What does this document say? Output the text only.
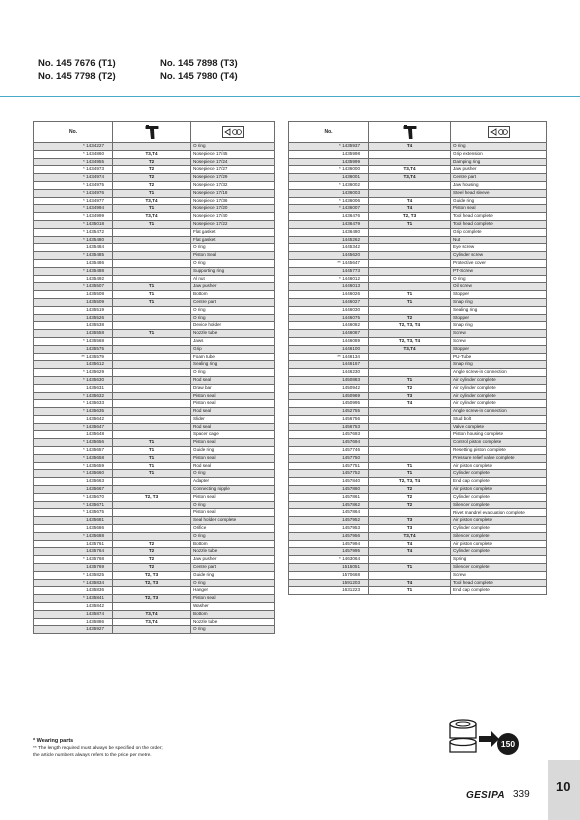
No. 145 7676 (T1)
No. 145 7798 (T2)
No. 145 7898 (T3)
No. 145 7980 (T4)
No.	

* 1434227		O ring
* 1434860	T3,T4	Nosepiece 17/45
* 1434955	T2	Nosepiece 17/24
* 1434973	T2	Nosepiece 17/27
* 1434974	T2	Nosepiece 17/29
* 1434975	T2	Nosepiece 17/32
* 1434976	T1	Nosepiece 17/18
* 1434977	T3,T4	Nosepiece 17/36
* 1434994	T1	Nosepiece 17/20
* 1434999	T3,T4	Nosepiece 17/40
* 1435018	T1	Nosepiece 17/22
* 1435472		Flat gasket
* 1435480		Flat gasket
1435484		O ring
* 1435485		Piston Seal
1435486		O ring
* 1435488		Supporting ring
1435492		Al nut
* 1435507	T1	Jaw pusher
1435508	T1	Bottom
1435509	T1	Centre part
1435519		O ring
1435526		O ring
1435538		Device holder
1435558	T1	Nozzle tube
* 1435568		Jaws
1435575		Grip
** 1435579		Foam tube
1435612		Sealing ring
* 1435629		O ring
* 1435630		Rod seal
1435631		Draw bar
* 1435632		Piston seal
* 1435633		Piston seal
* 1435635		Rod seal
1435642		Slider
* 1435647		Rod seal
1435648		Spacer cage
* 1435656	T1	Piston seal
* 1435657	T1	Guide ring
* 1435658	T1	Piston seal
* 1435659	T1	Rod seal
* 1435660	T1	O ring
1435663		Adapter
1435667		Connecting nipple
* 1435670	T2, T3	Piston seal
* 1435671		O ring
* 1435675		Piston seal
1435681		Seal holder complete
1435686		Orifice
* 1435688		O ring
1435761	T2	Bottom
1435764	T2	Nozzle tube
* 1435768	T2	Jaw pusher
1435769	T2	Centre part
* 1435825	T2, T3	Guide ring
* 1435834	T2, T3	O ring
1435836		Hanger
* 1435841	T2, T3	Piston seal
1435842		Washer
1435874	T3,T4	Bottom
1435886	T3,T4	Nozzle tube
1435927		O ring
No.	

* 1435937	T4	O ring
1435998		Grip extension
1435999		Damping ring
* 1436000	T3,T4	Jaw pusher
1436001	T3,T4	Centre part
* 1436002		Jaw housing
1436003		Steel head sleeve
* 1436006	T4	Guide ring
* 1436007	T4	Piston seal
1436476	T2, T3	Tool head complete
1436479	T1	Tool head complete
1436480		Grip complete
1445262		Nut
1445342		Eye screw
1445620		Cylinder screw
** 1445647		Protective cover
1445773		PT-Screw
* 1446012		O ring
1446013		Oil screw
1446026	T1	Stopper
1446027	T1	Snap ring
1446030		Sealing ring
1446075	T2	Stopper
1446082	T2, T3, T4	Snap ring
1446087		Screw
1446089	T2, T3, T4	Screw
1446100	T3,T4	Stopper
** 1446134		PU-Tube
1446167		Snap ring
1446230		Angle screw-in connection
1450883	T1	Air cylinder complete
1450942	T2	Air cylinder complete
1450969	T3	Air cylinder complete
1450995	T4	Air cylinder complete
1452755		Angle screw-in connection
1456756		Stud bolt
1456753		Valve complete
1457693		Piston housing complete
1457694		Control piston complete
1457746		Resetting piston complete
1457750		Pressure relief valve complete
1457751	T1	Air piston complete
1457752	T1	Cylinder complete
1457840	T2, T3, T4	End cap complete
1457860	T2	Air piston complete
1457861	T2	Cylinder complete
1457862	T2	Silencer complete
1457864		Rivet mandrel evacuation complete
1457952	T3	Air piston complete
1457953	T3	Cylinder complete
1457956	T3,T4	Silencer complete
1457994	T4	Air piston complete
1457995	T4	Cylinder complete
* 1463064		Spring
1515051	T1	Silencer complete
1570668		Screw
1591203	T4	Tool head complete
1631223	T1	End cap complete
* Wearing parts
** The length required must always be specified on the order;
the article numbers always refers to the price per metre.
150
GESIPA 339
10
